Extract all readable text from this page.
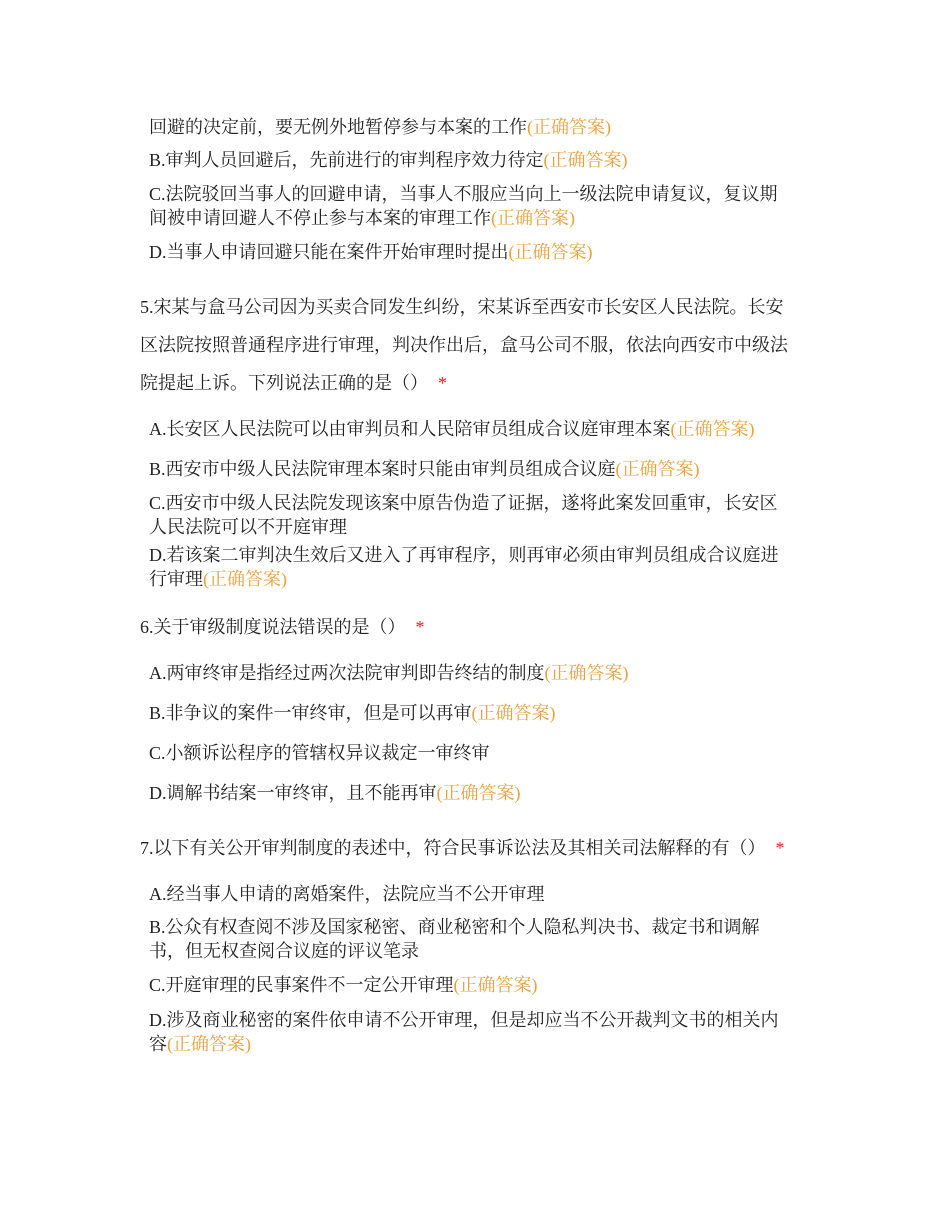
回避的决定前，要无例外地暂停参与本案的工作(正确答案)
B.审判人员回避后，先前进行的审判程序效力待定(正确答案)
C.法院驳回当事人的回避申请，当事人不服应当向上一级法院申请复议，复议期
间被申请回避人不停止参与本案的审理工作(正确答案)
D.当事人申请回避只能在案件开始审理时提出(正确答案)
5.宋某与盒马公司因为买卖合同发生纠纷，宋某诉至西安市长安区人民法院。长安
区法院按照普通程序进行审理，判决作出后，盒马公司不服，依法向西安市中级法
院提起上诉。下列说法正确的是（） *
A.长安区人民法院可以由审判员和人民陪审员组成合议庭审理本案(正确答案)
B.西安市中级人民法院审理本案时只能由审判员组成合议庭(正确答案)
C.西安市中级人民法院发现该案中原告伪造了证据，遂将此案发回重审，长安区
人民法院可以不开庭审理
D.若该案二审判决生效后又进入了再审程序，则再审必须由审判员组成合议庭进
行审理(正确答案)
6.关于审级制度说法错误的是（） *
A.两审终审是指经过两次法院审判即告终结的制度(正确答案)
B.非争议的案件一审终审，但是可以再审(正确答案)
C.小额诉讼程序的管辖权异议裁定一审终审
D.调解书结案一审终审，且不能再审(正确答案)
7.以下有关公开审判制度的表述中，符合民事诉讼法及其相关司法解释的有（） *
A.经当事人申请的离婚案件，法院应当不公开审理
B.公众有权查阅不涉及国家秘密、商业秘密和个人隐私判决书、裁定书和调解
书，但无权查阅合议庭的评议笔录
C.开庭审理的民事案件不一定公开审理(正确答案)
D.涉及商业秘密的案件依申请不公开审理，但是却应当不公开裁判文书的相关内
容(正确答案)
